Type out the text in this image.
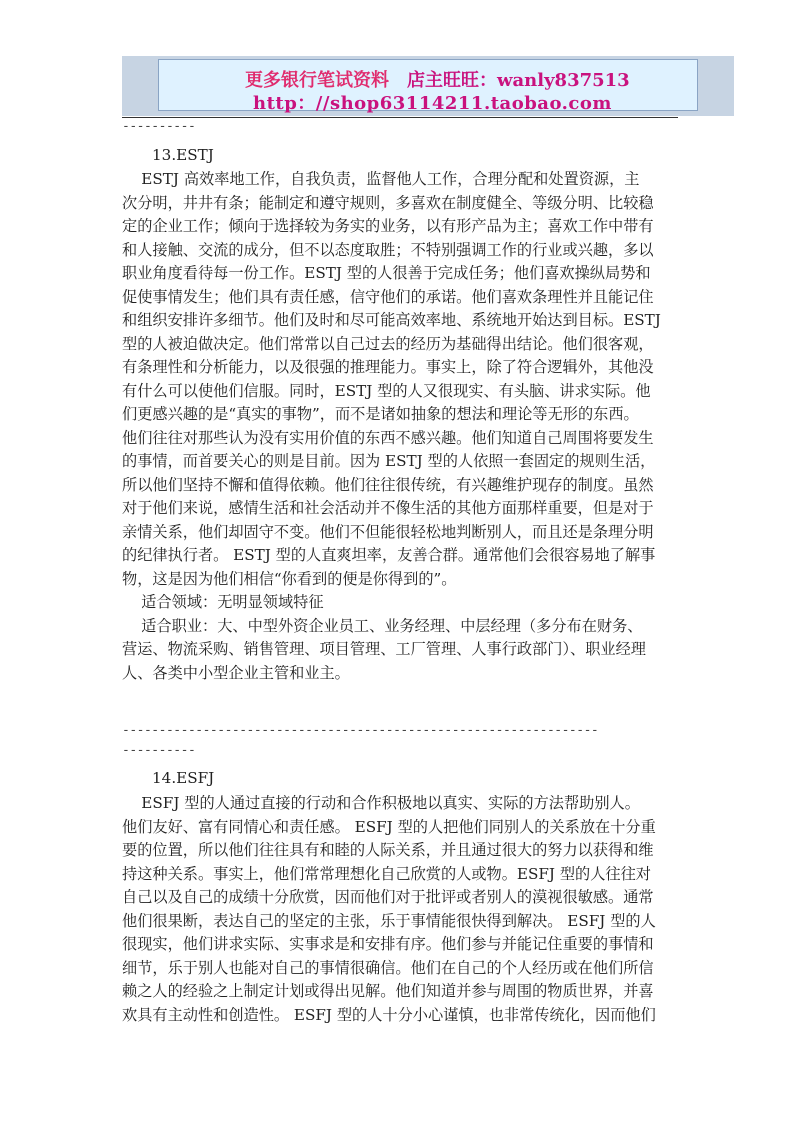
更多银行笔试资料 店主旺旺：wanly837513
http：//shop63114211.taobao.com
----------
13.ESTJ
ESTJ 高效率地工作，自我负责，监督他人工作，合理分配和处置资源，主
次分明，井井有条；能制定和遵守规则，多喜欢在制度健全、等级分明、比较稳
定的企业工作；倾向于选择较为务实的业务，以有形产品为主；喜欢工作中带有
和人接触、交流的成分，但不以态度取胜；不特别强调工作的行业或兴趣，多以
职业角度看待每一份工作。ESTJ 型的人很善于完成任务；他们喜欢操纵局势和
促使事情发生；他们具有责任感，信守他们的承诺。他们喜欢条理性并且能记住
和组织安排许多细节。他们及时和尽可能高效率地、系统地开始达到目标。ESTJ
型的人被迫做决定。他们常常以自己过去的经历为基础得出结论。他们很客观，
有条理性和分析能力，以及很强的推理能力。事实上，除了符合逻辑外，其他没
有什么可以使他们信服。同时，ESTJ 型的人又很现实、有头脑、讲求实际。他
们更感兴趣的是“真实的事物”，而不是诸如抽象的想法和理论等无形的东西。
他们往往对那些认为没有实用价值的东西不感兴趣。他们知道自己周围将要发生
的事情，而首要关心的则是目前。因为 ESTJ 型的人依照一套固定的规则生活，
所以他们坚持不懈和值得依赖。他们往往很传统，有兴趣维护现存的制度。虽然
对于他们来说，感情生活和社会活动并不像生活的其他方面那样重要，但是对于
亲情关系，他们却固守不变。他们不但能很轻松地判断别人，而且还是条理分明
的纪律执行者。 ESTJ 型的人直爽坦率，友善合群。通常他们会很容易地了解事
物，这是因为他们相信“你看到的便是你得到的”。
适合领域：无明显领域特征
适合职业：大、中型外资企业员工、业务经理、中层经理（多分布在财务、
营运、物流采购、销售管理、项目管理、工厂管理、人事行政部门）、职业经理
人、各类中小型企业主管和业主。
-----------------------------------------------------------------
----------
14.ESFJ
ESFJ 型的人通过直接的行动和合作积极地以真实、实际的方法帮助别人。
他们友好、富有同情心和责任感。 ESFJ 型的人把他们同别人的关系放在十分重
要的位置，所以他们往往具有和睦的人际关系，并且通过很大的努力以获得和维
持这种关系。事实上，他们常常理想化自己欣赏的人或物。ESFJ 型的人往往对
自己以及自己的成绩十分欣赏，因而他们对于批评或者别人的漠视很敏感。通常
他们很果断，表达自己的坚定的主张，乐于事情能很快得到解决。 ESFJ 型的人
很现实，他们讲求实际、实事求是和安排有序。他们参与并能记住重要的事情和
细节，乐于别人也能对自己的事情很确信。他们在自己的个人经历或在他们所信
赖之人的经验之上制定计划或得出见解。他们知道并参与周围的物质世界，并喜
欢具有主动性和创造性。 ESFJ 型的人十分小心谨慎，也非常传统化，因而他们
